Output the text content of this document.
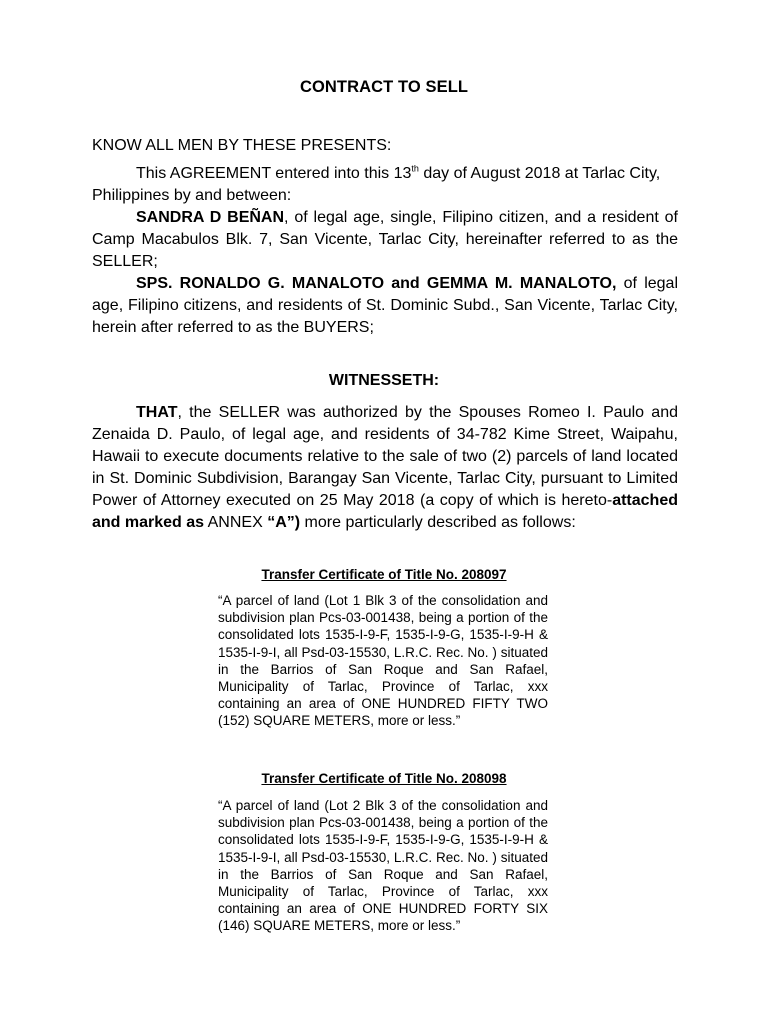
CONTRACT TO SELL
KNOW ALL MEN BY THESE PRESENTS:
This AGREEMENT entered into this 13th day of August 2018 at Tarlac City, Philippines by and between:
SANDRA D BEÑAN, of legal age, single, Filipino citizen, and a resident of Camp Macabulos Blk. 7, San Vicente, Tarlac City, hereinafter referred to as the SELLER;
SPS. RONALDO G. MANALOTO and GEMMA M. MANALOTO, of legal age, Filipino citizens, and residents of St. Dominic Subd., San Vicente, Tarlac City, herein after referred to as the BUYERS;
WITNESSETH:
THAT, the SELLER was authorized by the Spouses Romeo I. Paulo and Zenaida D. Paulo, of legal age, and residents of 34-782 Kime Street, Waipahu, Hawaii to execute documents relative to the sale of two (2) parcels of land located in St. Dominic Subdivision, Barangay San Vicente, Tarlac City, pursuant to Limited Power of Attorney executed on 25 May 2018 (a copy of which is hereto-attached and marked as ANNEX “A”) more particularly described as follows:
Transfer Certificate of Title No. 208097
“A parcel of land (Lot 1 Blk 3 of the consolidation and subdivision plan Pcs-03-001438, being a portion of the consolidated lots 1535-I-9-F, 1535-I-9-G, 1535-I-9-H & 1535-I-9-I, all Psd-03-15530, L.R.C. Rec. No. ) situated in the Barrios of San Roque and San Rafael, Municipality of Tarlac, Province of Tarlac, xxx containing an area of ONE HUNDRED FIFTY TWO (152) SQUARE METERS, more or less.”
Transfer Certificate of Title No. 208098
“A parcel of land (Lot 2 Blk 3 of the consolidation and subdivision plan Pcs-03-001438, being a portion of the consolidated lots 1535-I-9-F, 1535-I-9-G, 1535-I-9-H & 1535-I-9-I, all Psd-03-15530, L.R.C. Rec. No. ) situated in the Barrios of San Roque and San Rafael, Municipality of Tarlac, Province of Tarlac, xxx containing an area of ONE HUNDRED FORTY SIX (146) SQUARE METERS, more or less.”
